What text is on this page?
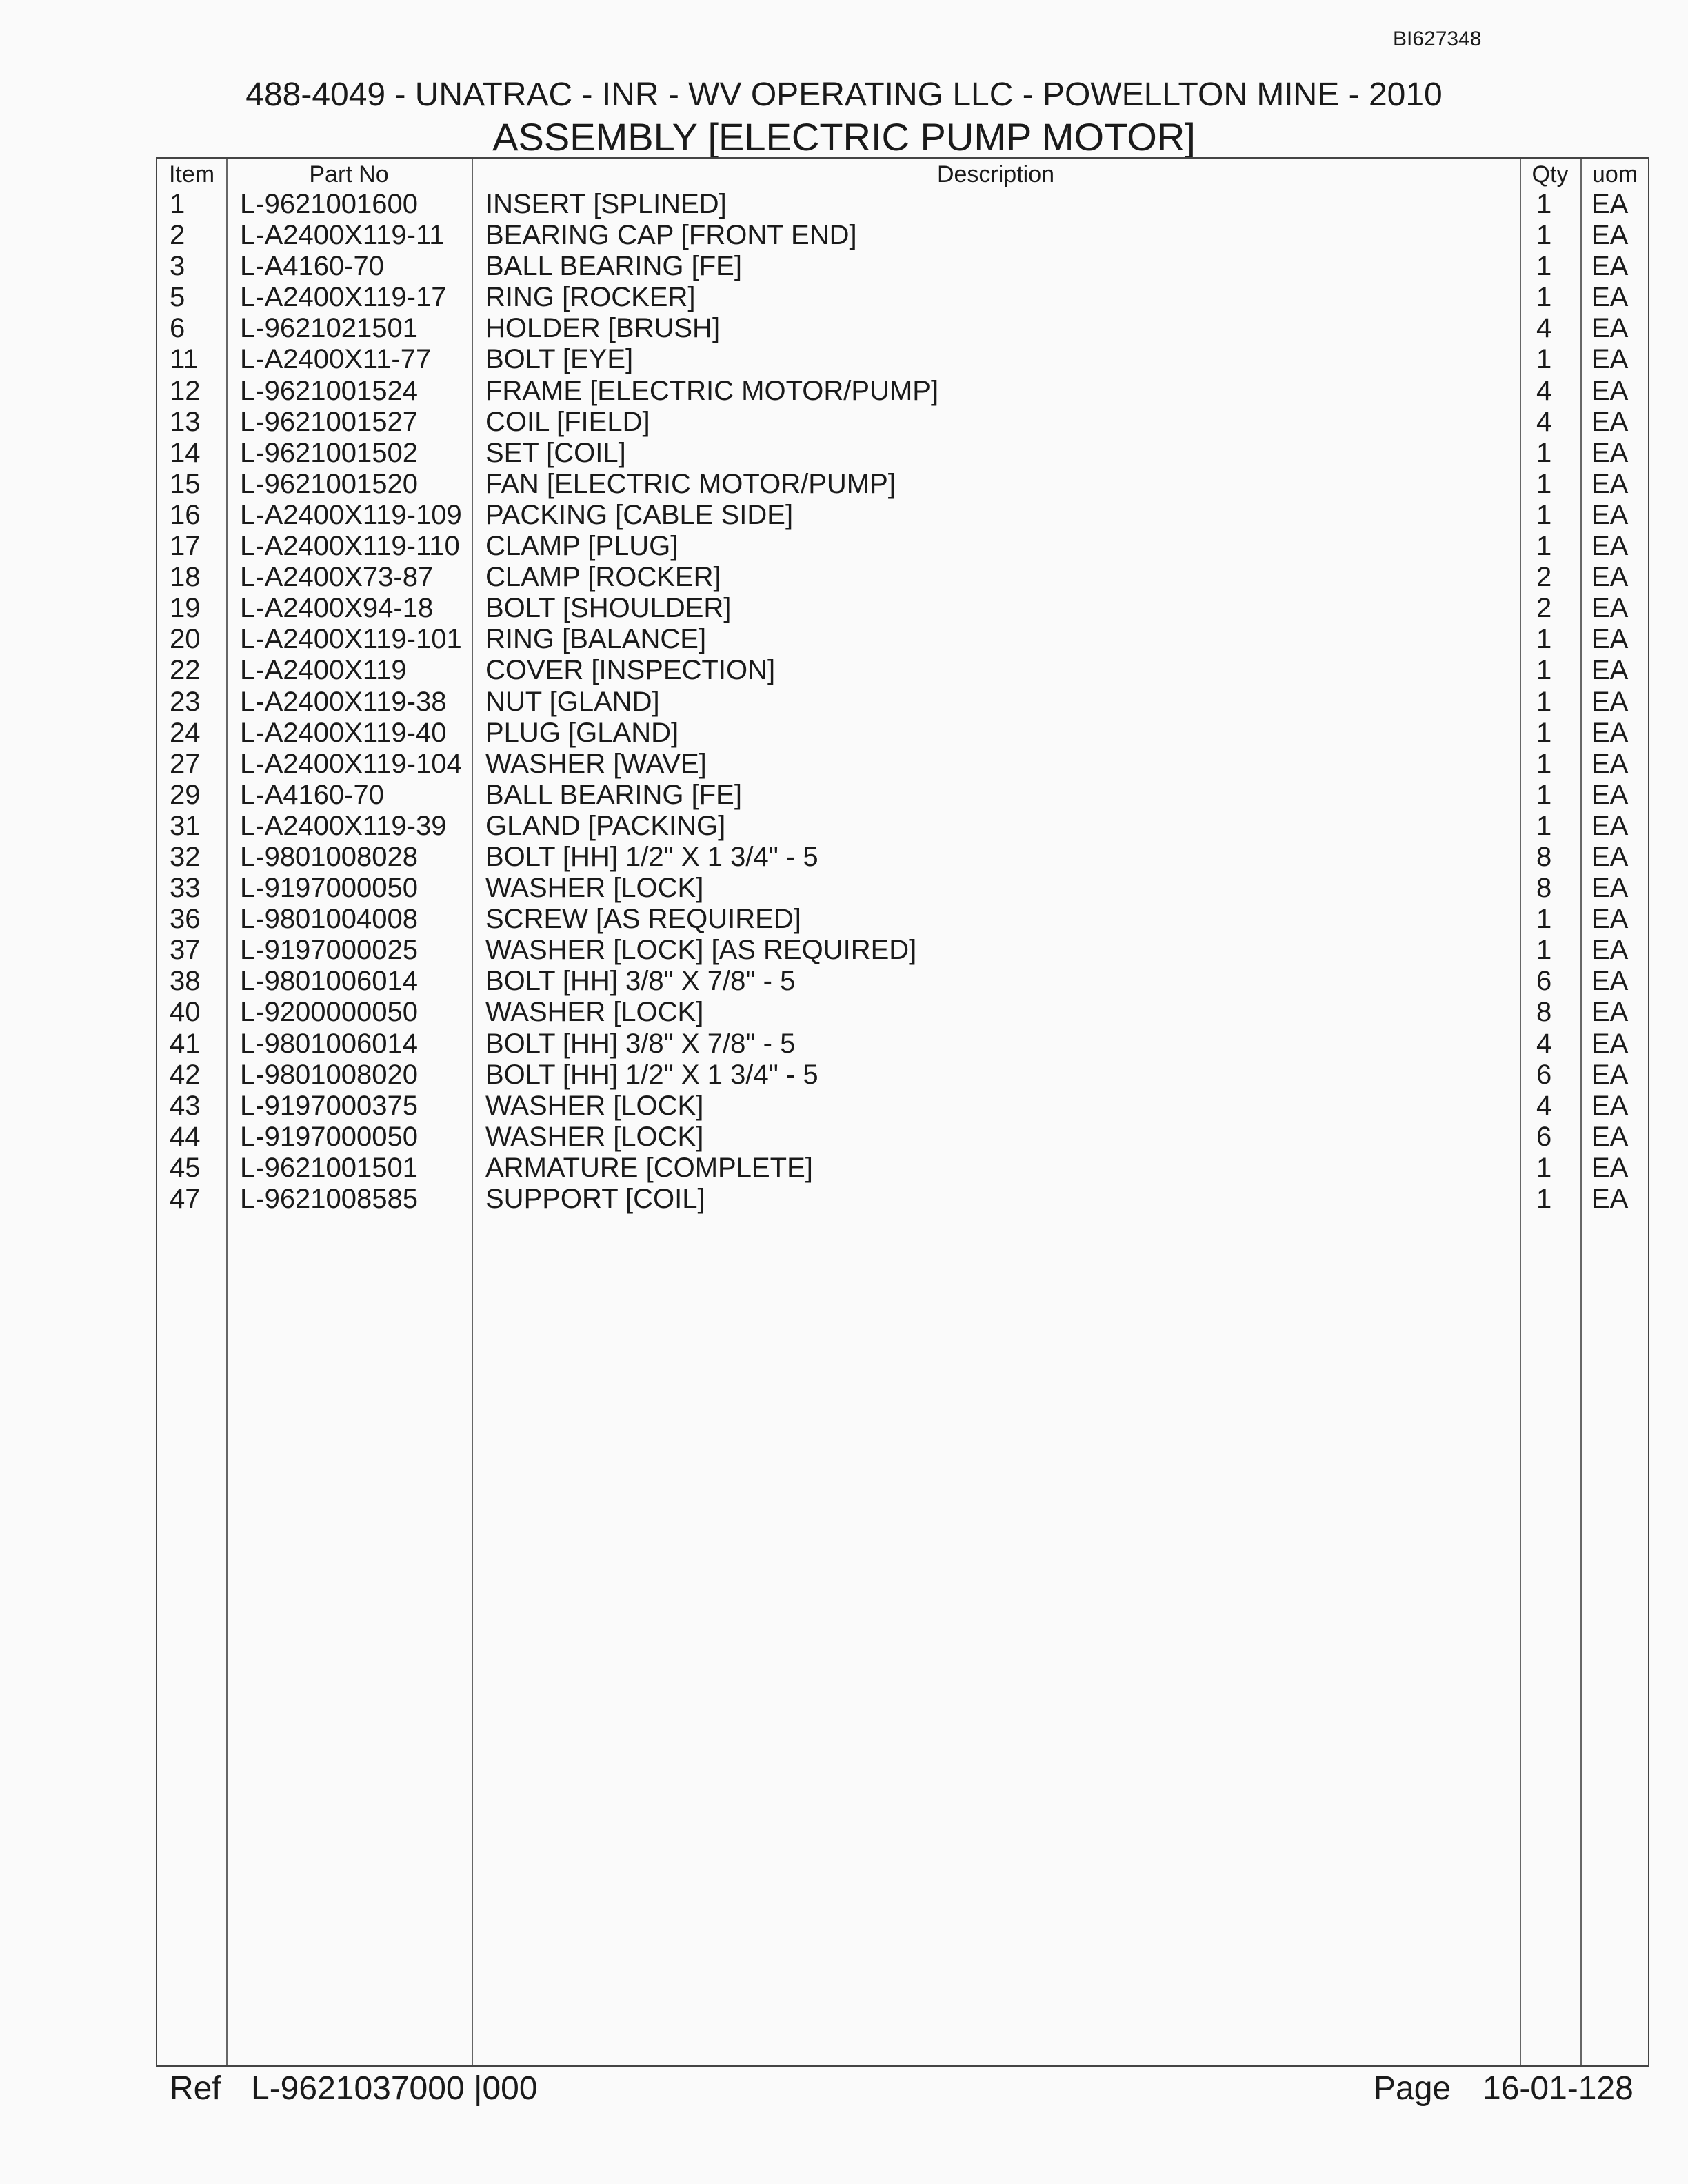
BI627348
488-4049 - UNATRAC - INR - WV OPERATING LLC - POWELLTON MINE - 2010
ASSEMBLY [ELECTRIC PUMP MOTOR]
Item	Part No	Description	Qty	uom
1 L-9621001600 INSERT [SPLINED]	1 EA
2 L-A2400X119-11 BEARING CAP [FRONT END]	1 EA
3 L-A4160-70	BALL BEARING [FE]	1 EA
5 L-A2400X119-17 RING [ROCKER]	1 EA
6 L-9621021501 HOLDER [BRUSH]	4 EA
11 L-A2400X11-77 BOLT [EYE]	1 EA
12 L-9621001524 FRAME [ELECTRIC MOTOR/PUMP]	4 EA
13 L-9621001527 COIL [FIELD]	4 EA
14 L-9621001502 SET [COIL]	1 EA
15 L-9621001520 FAN [ELECTRIC MOTOR/PUMP]	1 EA
16 L-A2400X119-109 PACKING [CABLE SIDE]	1 EA
17 L-A2400X119-110 CLAMP [PLUG]	1 EA
18 L-A2400X73-87 CLAMP [ROCKER]	2 EA
19 L-A2400X94-18 BOLT [SHOULDER]	2 EA
20 L-A2400X119-101 RING [BALANCE]	1 EA
22 L-A2400X119	COVER [INSPECTION]	1 EA
23 L-A2400X119-38 NUT [GLAND]	1 EA
24 L-A2400X119-40 PLUG [GLAND]	1 EA
27 L-A2400X119-104 WASHER [WAVE]	1 EA
29 L-A4160-70	BALL BEARING [FE]	1 EA
31 L-A2400X119-39 GLAND [PACKING]	1 EA
32 L-9801008028 BOLT [HH] 1/2" X 1 3/4" - 5	8 EA
33 L-9197000050 WASHER [LOCK]	8 EA
36 L-9801004008 SCREW [AS REQUIRED]	1 EA
37 L-9197000025 WASHER [LOCK] [AS REQUIRED]	1 EA
38 L-9801006014 BOLT [HH] 3/8" X 7/8" - 5	6 EA
40 L-9200000050 WASHER [LOCK]	8 EA
41 L-9801006014 BOLT [HH] 3/8" X 7/8" - 5	4 EA
42 L-9801008020 BOLT [HH] 1/2" X 1 3/4" - 5	6 EA
43 L-9197000375 WASHER [LOCK]	4 EA
44 L-9197000050 WASHER [LOCK]	6 EA
45 L-9621001501 ARMATURE [COMPLETE]	1 EA
47 L-9621008585 SUPPORT [COIL]	1 EA
Ref L-9621037000 |000	Page 16-01-128
